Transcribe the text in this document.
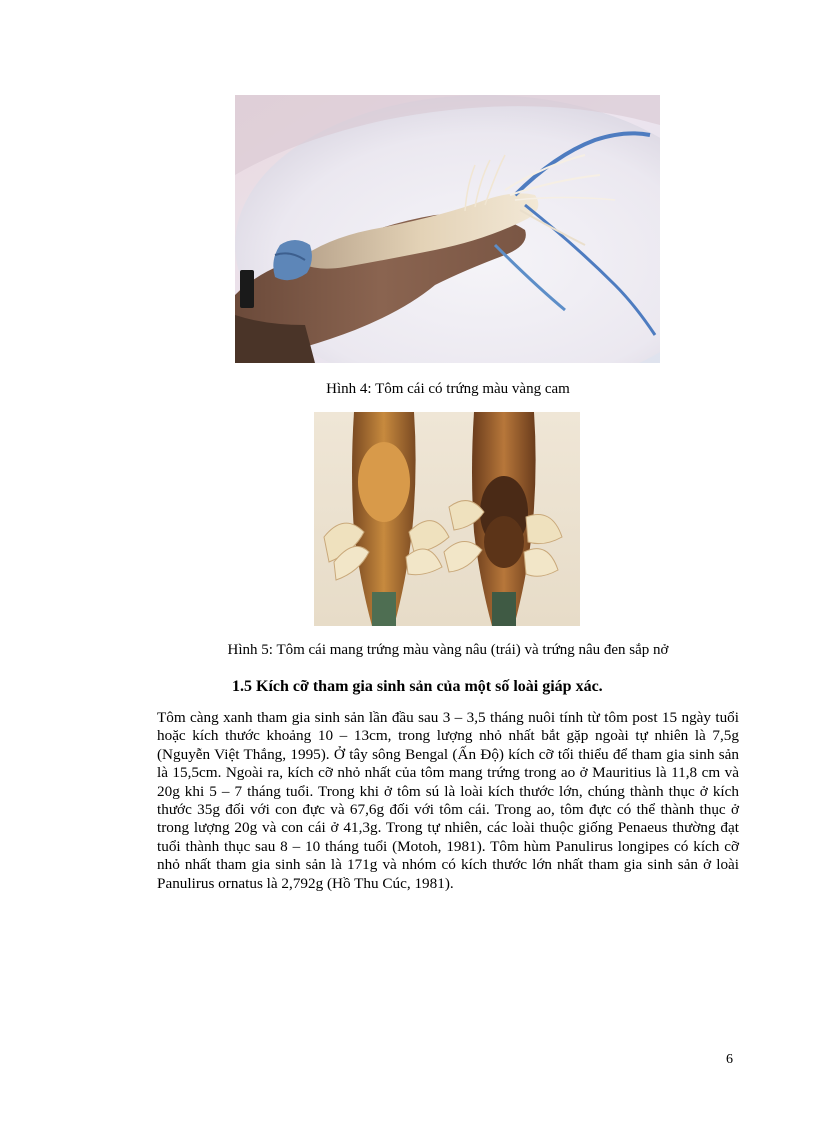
Hình 4: Tôm cái có trứng màu vàng cam
Hình 5: Tôm cái mang trứng màu vàng nâu (trái) và trứng nâu đen sắp nở
1.5 Kích cỡ tham gia sinh sản của một số loài giáp xác.
Tôm càng xanh tham gia sinh sản lần đầu sau 3 – 3,5 tháng nuôi tính từ tôm post 15 ngày tuổi hoặc kích thước khoảng 10 – 13cm, trong lượng nhỏ nhất bắt gặp ngoài tự nhiên là 7,5g (Nguyễn Việt Thắng, 1995). Ở tây sông Bengal (Ấn Độ) kích cỡ tối thiểu để tham gia sinh sản là 15,5cm. Ngoài ra, kích cỡ nhỏ nhất của tôm mang trứng trong ao ở Mauritius là 11,8 cm và 20g khi 5 – 7 tháng tuổi. Trong khi ở tôm sú là loài kích thước lớn, chúng thành thục ở kích thước 35g đối với con đực và 67,6g đối với tôm cái. Trong ao, tôm đực có thể thành thục ở trong lượng 20g và con cái ở 41,3g. Trong tự nhiên, các loài thuộc giống Penaeus thường đạt tuổi thành thục sau 8 – 10 tháng tuổi (Motoh, 1981). Tôm hùm Panulirus longipes có kích cỡ nhỏ nhất tham gia sinh sản là 171g và nhóm có kích thước lớn nhất tham gia sinh sản ở loài Panulirus ornatus là 2,792g (Hồ Thu Cúc, 1981).
6
